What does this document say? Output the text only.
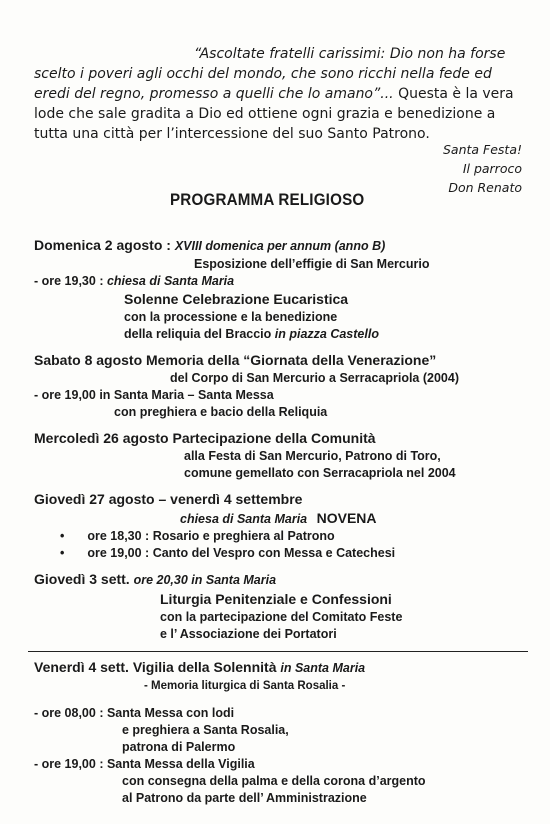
“Ascoltate fratelli carissimi: Dio non ha forse scelto i poveri agli occhi del mondo, che sono ricchi nella fede ed eredi del regno, promesso a quelli che lo amano”... Questa è la vera lode che sale gradita a Dio ed ottiene ogni grazia e benedizione a tutta una città per l’intercessione del suo Santo Patrono.
Santa Festa!
Il parroco
Don Renato
PROGRAMMA RELIGIOSO
Domenica 2 agosto : XVIII domenica per annum (anno B)
Esposizione dell’effigie di San Mercurio
- ore 19,30 : chiesa di Santa Maria
Solenne Celebrazione Eucaristica
con la processione e la benedizione
della reliquia del Braccio in piazza Castello
Sabato 8 agosto Memoria della “Giornata della Venerazione”
del Corpo di San Mercurio a Serracapriola (2004)
- ore 19,00 in Santa Maria – Santa Messa
con preghiera e bacio della Reliquia
Mercoledì 26 agosto Partecipazione della Comunità
alla Festa di San Mercurio, Patrono di Toro,
comune gemellato con Serracapriola nel 2004
Giovedì 27 agosto – venerdì 4 settembre
chiesa di Santa Maria NOVENA
• ore 18,30 : Rosario e preghiera al Patrono
• ore 19,00 : Canto del Vespro con Messa e Catechesi
Giovedì 3 sett. ore 20,30 in Santa Maria
Liturgia Penitenziale e Confessioni
con la partecipazione del Comitato Feste
e l’ Associazione dei Portatori
Venerdì 4 sett. Vigilia della Solennità in Santa Maria
- Memoria liturgica di Santa Rosalia -
- ore 08,00 : Santa Messa con lodi
e preghiera a Santa Rosalia,
patrona di Palermo
- ore 19,00 : Santa Messa della Vigilia
con consegna della palma e della corona d’argento
al Patrono da parte dell’ Amministrazione
